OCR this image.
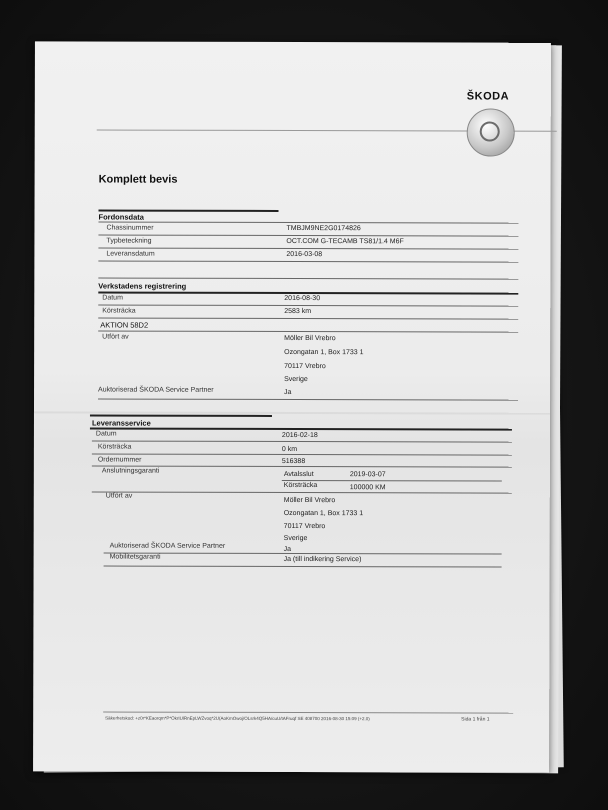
ŠKODA
Komplett bevis
Fordonsdata
Chassinummer	TMBJM9NE2G0174826
Typbeteckning	OCT.COM G-TECAMB TS81/1.4 M6F
Leveransdatum	2016-03-08
Verkstadens registrering
Datum	2016-08-30
Körsträcka	2583 km
AKTION 58D2
Utfört av	Möller Bil Vrebro
Ozongatan 1, Box 1733 1
70117 Vrebro
Sverige
Auktoriserad ŠKODA Service Partner	Ja
Leveransservice
Datum	2016-02-18
Körsträcka	0 km
Ordernummer	516388
Anslutningsgaranti	Avtalsslut	2019-03-07
Körsträcka	100000 KM
Utfört av
Möller Bil Vrebro
Ozongatan 1, Box 1733 1
70117 Vrebro
Sverige
Auktoriserad ŠKODA Service Partner	Ja
Mobilitetsgaranti	Ja (till indikering Service)
Säkerhetskod: +z0r*KEaorqm*P*OkrIUlRnEpLWZvoq*2U(AoKmOwoj/OLsrk4Q5HA/cuU/tAFruqf SE 408700 2016-08-30 15:09 (+2.0)	Sida 1 från 1
